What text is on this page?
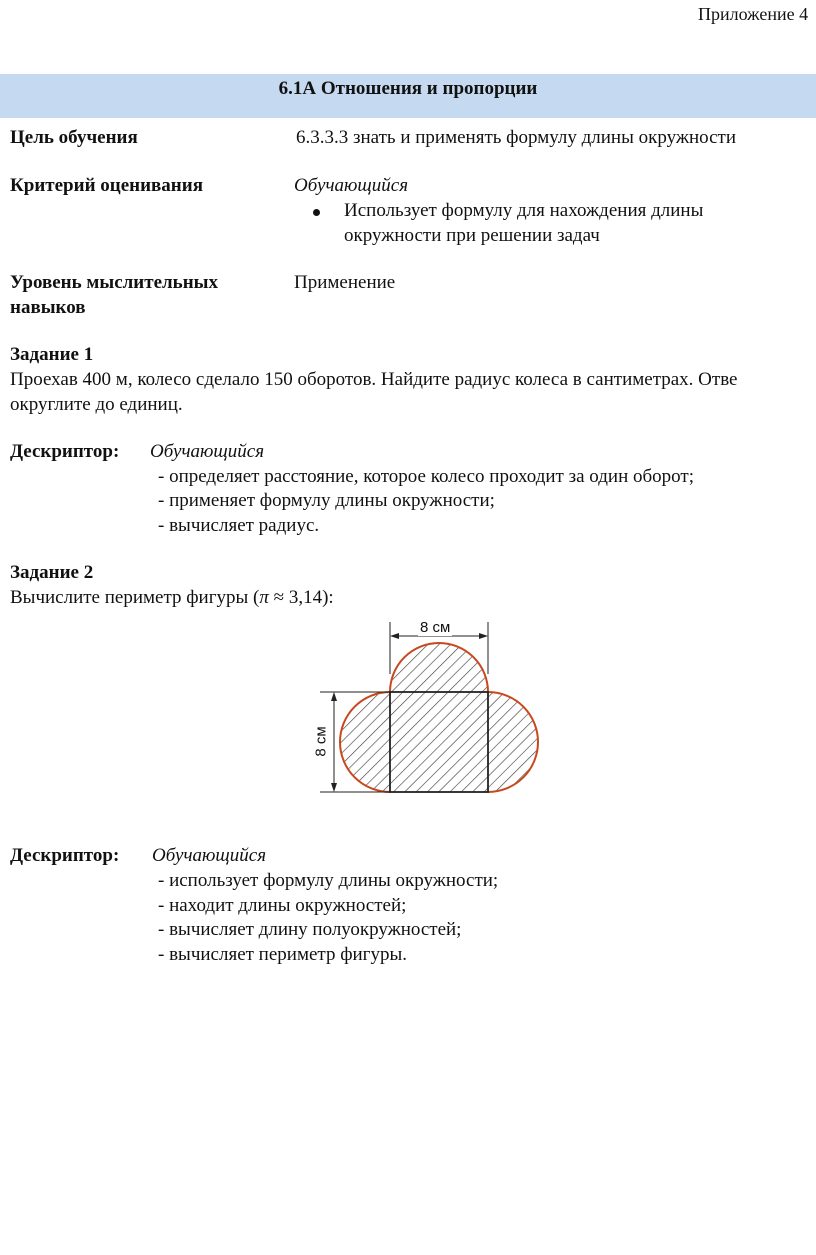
Приложение 4
6.1А Отношения и пропорции
Цель обучения	6.3.3.3 знать и применять формулу длины окружности
Критерий оценивания	Обучающийся
Использует формулу для нахождения длины
окружности при решении задач
Уровень мыслительных
навыков
Применение
Задание 1
Проехав 400 м, колесо сделало 150 оборотов. Найдите радиус колеса в сантиметрах. Отве
округлите до единиц.
Дескриптор: Обучающийся
- определяет расстояние, которое колесо проходит за один оборот;
- применяет формулу длины окружности;
- вычисляет радиус.
Задание 2
Вычислите периметр фигуры (π ≈ 3,14):
8 см
8 см
Дескриптор: Обучающийся
- использует формулу длины окружности;
- находит длины окружностей;
- вычисляет длину полуокружностей;
- вычисляет периметр фигуры.
